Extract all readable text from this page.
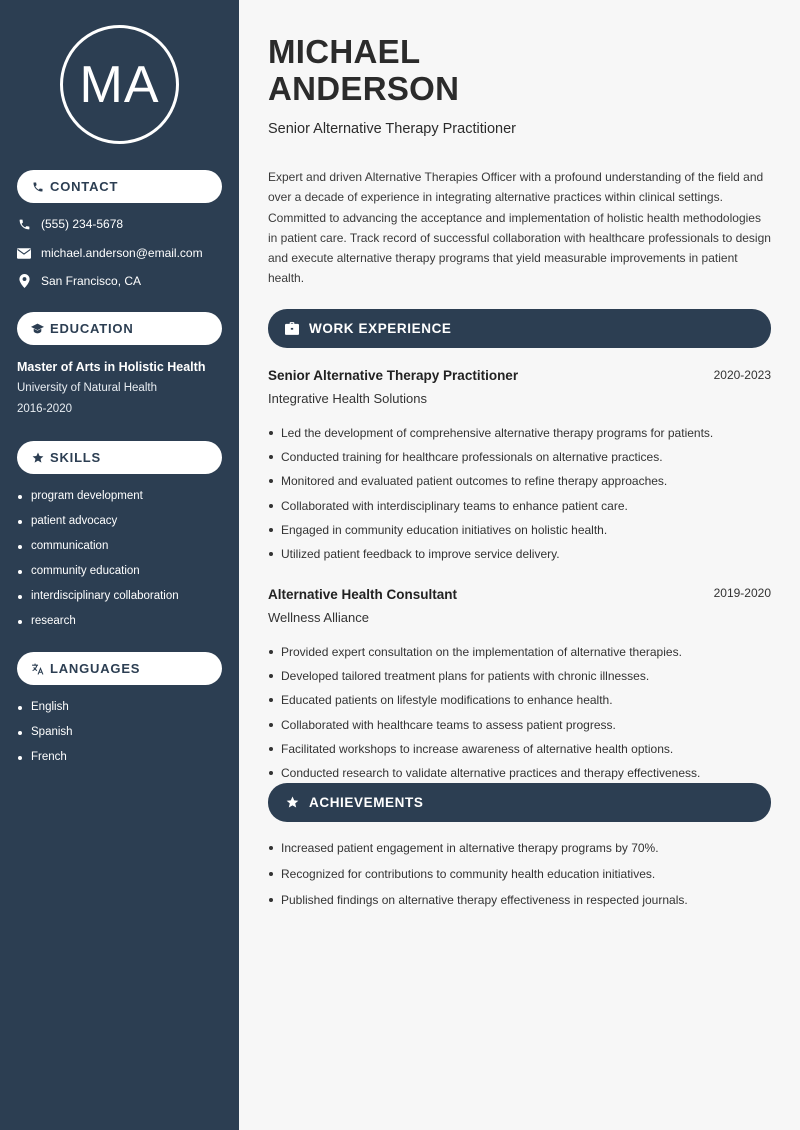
MA
CONTACT
(555) 234-5678
michael.anderson@email.com
San Francisco, CA
EDUCATION
Master of Arts in Holistic Health
University of Natural Health
2016-2020
SKILLS
program development
patient advocacy
communication
community education
interdisciplinary collaboration
research
LANGUAGES
English
Spanish
French
MICHAEL
ANDERSON
Senior Alternative Therapy Practitioner

Expert and driven Alternative Therapies Officer with a profound understanding of the field and over a decade of experience in integrating alternative practices within clinical settings. Committed to advancing the acceptance and implementation of holistic health methodologies in patient care. Track record of successful collaboration with healthcare professionals to design and execute alternative therapy programs that yield measurable improvements in patient health.

WORK EXPERIENCE
Senior Alternative Therapy Practitioner	2020-2023
Integrative Health Solutions
Led the development of comprehensive alternative therapy programs for patients.
Conducted training for healthcare professionals on alternative practices.
Monitored and evaluated patient outcomes to refine therapy approaches.
Collaborated with interdisciplinary teams to enhance patient care.
Engaged in community education initiatives on holistic health.
Utilized patient feedback to improve service delivery.
Alternative Health Consultant	2019-2020
Wellness Alliance
Provided expert consultation on the implementation of alternative therapies.
Developed tailored treatment plans for patients with chronic illnesses.
Educated patients on lifestyle modifications to enhance health.
Collaborated with healthcare teams to assess patient progress.
Facilitated workshops to increase awareness of alternative health options.
Conducted research to validate alternative practices and therapy effectiveness.
ACHIEVEMENTS
Increased patient engagement in alternative therapy programs by 70%.
Recognized for contributions to community health education initiatives.
Published findings on alternative therapy effectiveness in respected journals.
